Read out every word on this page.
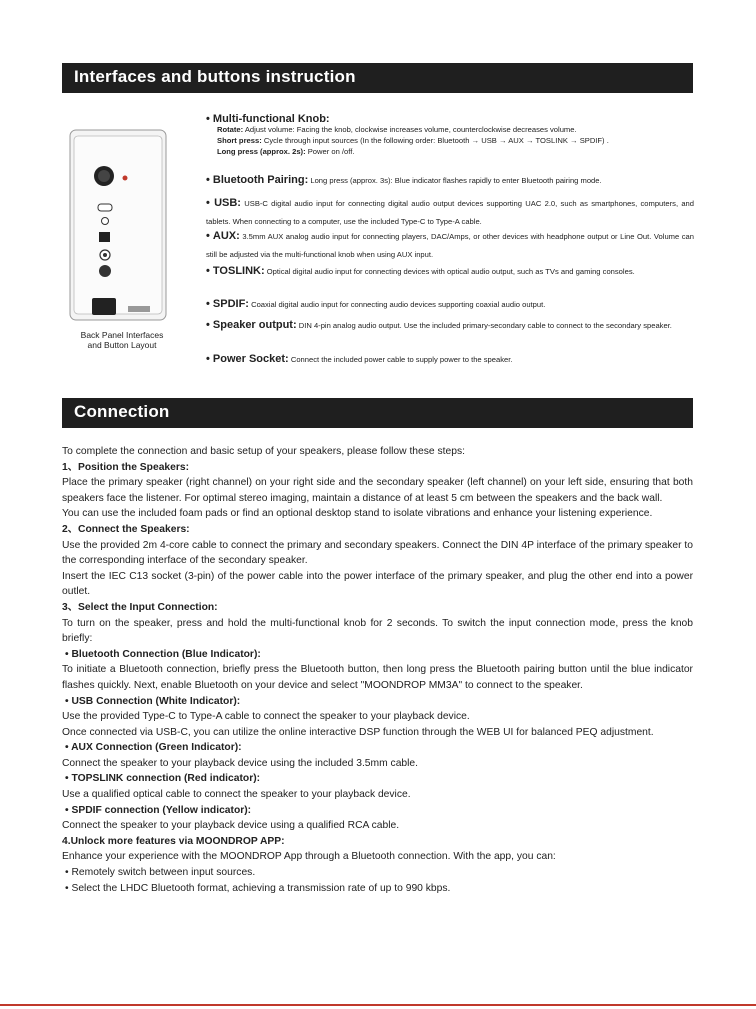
Interfaces and buttons instruction
Back Panel Interfaces
and Button Layout
• Multi-functional Knob:
Rotate: Adjust volume: Facing the knob, clockwise increases volume, counterclockwise decreases volume.
Short press: Cycle through input sources (In the following order: Bluetooth → USB → AUX → TOSLINK → SPDIF) .
Long press (approx. 2s): Power on /off.
• Bluetooth Pairing: Long press (approx. 3s): Blue indicator flashes rapidly to enter Bluetooth pairing mode.
• USB: USB-C digital audio input for connecting digital audio output devices supporting UAC 2.0, such as smartphones, computers, and tablets. When connecting to a computer, use the included Type-C to Type-A cable.
• AUX: 3.5mm AUX analog audio input for connecting players, DAC/Amps, or other devices with headphone output or Line Out. Volume can still be adjusted via the multi-functional knob when using AUX input.
• TOSLINK: Optical digital audio input for connecting devices with optical audio output, such as TVs and gaming consoles.
• SPDIF: Coaxial digital audio input for connecting audio devices supporting coaxial audio output.
• Speaker output: DIN 4-pin analog audio output. Use the included primary-secondary cable to connect to the secondary speaker.
• Power Socket: Connect the included power cable to supply power to the speaker.
Connection

To complete the connection and basic setup of your speakers, please follow these steps:

1、Position the Speakers:

Place the primary speaker (right channel) on your right side and the secondary speaker (left channel) on your left side, ensuring that both speakers face the listener. For optimal stereo imaging, maintain a distance of at least 5 cm between the speakers and the back wall.

You can use the included foam pads or find an optional desktop stand to isolate vibrations and enhance your listening experience.

2、Connect the Speakers:

Use the provided 2m 4-core cable to connect the primary and secondary speakers. Connect the DIN 4P interface of the primary speaker to the corresponding interface of the secondary speaker.

Insert the IEC C13 socket (3-pin) of the power cable into the power interface of the primary speaker, and plug the other end into a power outlet.

3、Select the Input Connection:

To turn on the speaker, press and hold the multi-functional knob for 2 seconds. To switch the input connection mode, press the knob briefly:

• Bluetooth Connection (Blue Indicator):

To initiate a Bluetooth connection, briefly press the Bluetooth button, then long press the Bluetooth pairing button until the blue indicator flashes quickly. Next, enable Bluetooth on your device and select "MOONDROP MM3A" to connect to the speaker.

• USB Connection (White Indicator):

Use the provided Type-C to Type-A cable to connect the speaker to your playback device.

Once connected via USB-C, you can utilize the online interactive DSP function through the WEB UI for balanced PEQ adjustment.

• AUX Connection (Green Indicator):

Connect the speaker to your playback device using the included 3.5mm cable.

• TOPSLINK connection (Red indicator):

Use a qualified optical cable to connect the speaker to your playback device.

• SPDIF connection (Yellow indicator):

Connect the speaker to your playback device using a qualified RCA cable.

4.Unlock more features via MOONDROP APP:

Enhance your experience with the MOONDROP App through a Bluetooth connection. With the app, you can:

• Remotely switch between input sources.

• Select the LHDC Bluetooth format, achieving a transmission rate of up to 990 kbps.
